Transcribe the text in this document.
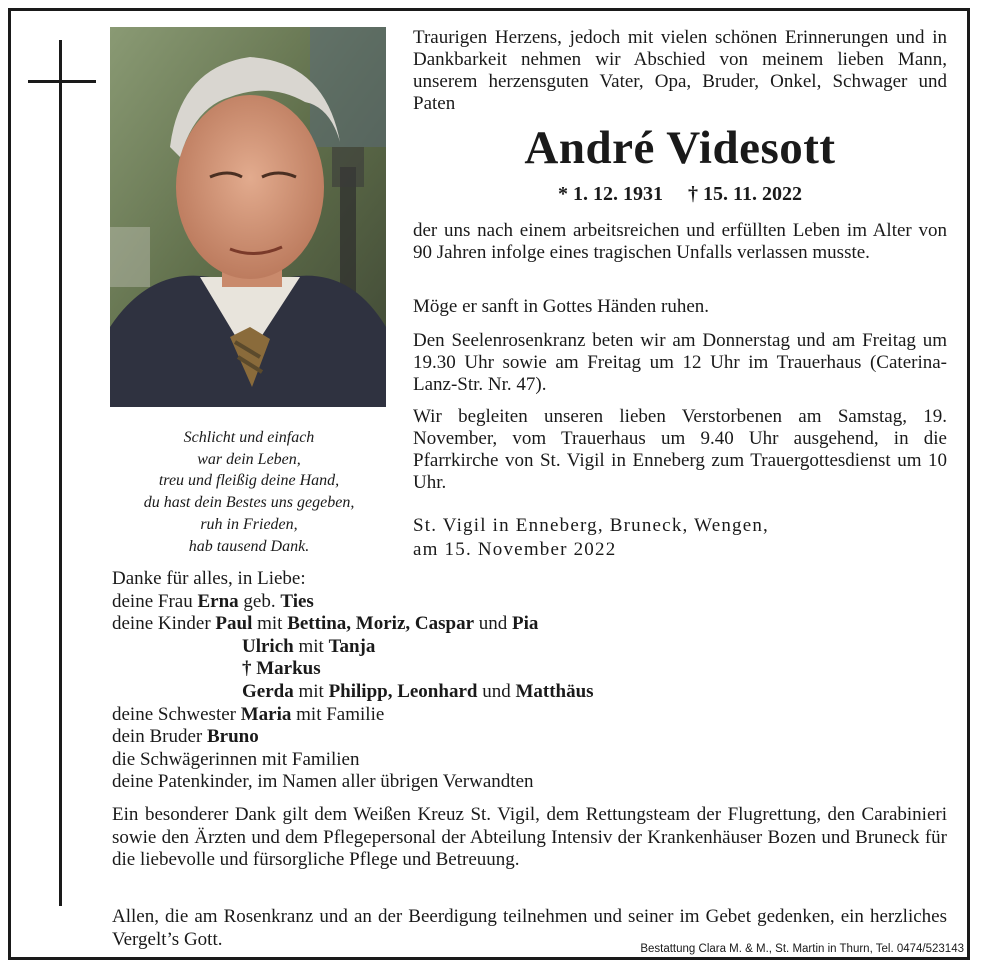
Schlicht und einfach
war dein Leben,
treu und fleißig deine Hand,
du hast dein Bestes uns gegeben,
ruh in Frieden,
hab tausend Dank.
Traurigen Herzens, jedoch mit vielen schönen Erinnerungen und in Dankbarkeit nehmen wir Abschied von meinem lieben Mann, unserem herzensguten Vater, Opa, Bruder, Onkel, Schwager und Paten
André Videsott
* 1. 12. 1931     † 15. 11. 2022
der uns nach einem arbeitsreichen und erfüllten Leben im Alter von 90 Jahren infolge eines tragischen Unfalls verlassen musste.
Möge er sanft in Gottes Händen ruhen.
Den Seelenrosenkranz beten wir am Donnerstag und am Freitag um 19.30 Uhr sowie am Freitag um 12 Uhr im Trauerhaus (Caterina-Lanz-Str. Nr. 47).
Wir begleiten unseren lieben Verstorbenen am Samstag, 19. November, vom Trauerhaus um 9.40 Uhr ausgehend, in die Pfarrkirche von St. Vigil in Enneberg zum Trauergottesdienst um 10 Uhr.
St. Vigil in Enneberg, Bruneck, Wengen,
am 15. November 2022
Danke für alles, in Liebe:
deine Frau Erna geb. Ties
deine Kinder Paul mit Bettina, Moriz, Caspar und Pia
Ulrich mit Tanja
† Markus
Gerda mit Philipp, Leonhard und Matthäus
deine Schwester Maria mit Familie
dein Bruder Bruno
die Schwägerinnen mit Familien
deine Patenkinder, im Namen aller übrigen Verwandten
Ein besonderer Dank gilt dem Weißen Kreuz St. Vigil, dem Rettungsteam der Flugrettung, den Carabinieri sowie den Ärzten und dem Pflegepersonal der Abteilung Intensiv der Krankenhäuser Bozen und Bruneck für die liebevolle und fürsorgliche Pflege und Betreuung.
Allen, die am Rosenkranz und an der Beerdigung teilnehmen und seiner im Gebet gedenken, ein herzliches Vergelt’s Gott.	Bestattung Clara M. & M., St. Martin in Thurn, Tel. 0474/523143
